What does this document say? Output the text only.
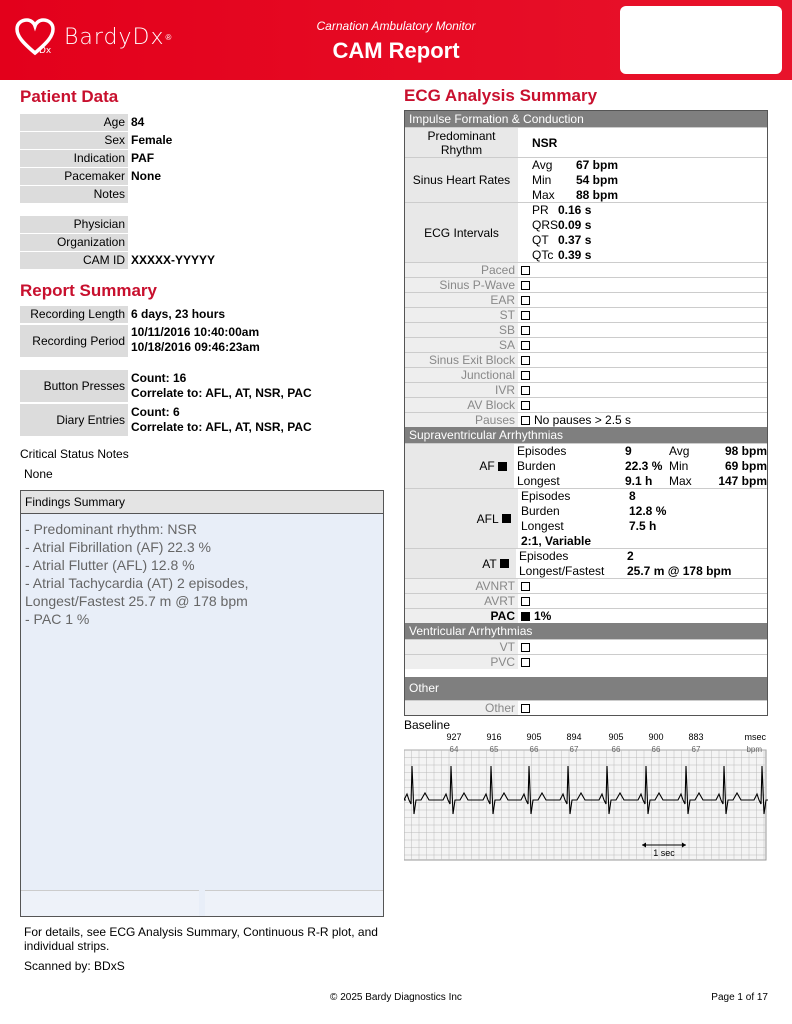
Dx
BardyDx ®
Carnation Ambulatory Monitor
CAM Report
Patient Data
Age 84
Sex Female
Indication PAF
Pacemaker None
Notes
Physician
Organization
CAM ID XXXXX-YYYYY
Report Summary
Recording Length 6 days, 23 hours
Recording Period
10/11/2016 10:40:00am
10/18/2016 09:46:23am
Button Presses
Count: 16
Correlate to: AFL, AT, NSR, PAC
Diary Entries
Count: 6
Correlate to: AFL, AT, NSR, PAC
Critical Status Notes
None
Findings Summary
- Predominant rhythm: NSR
- Atrial Fibrillation (AF) 22.3 %
- Atrial Flutter (AFL) 12.8 %
- Atrial Tachycardia (AT) 2 episodes,
Longest/Fastest 25.7 m @ 178 bpm
- PAC 1 %
For details, see ECG Analysis Summary, Continuous R-R plot, and individual strips.
Scanned by: BDxS
ECG Analysis Summary
Impulse Formation & Conduction
Predominant Rhythm	NSR
Sinus Heart Rates
Avg	67 bpm
Min	54 bpm
Max	88 bpm
ECG Intervals
PR 0.16 s
QRS 0.09 s
QT 0.37 s
QTc 0.39 s
Paced
Sinus P-Wave
EAR
ST
SB
SA
Sinus Exit Block
Junctional
IVR
AV Block
Pauses	No pauses > 2.5 s
Supraventricular Arrhythmias
AF

Episodes	9	Avg	98 bpm
Burden	22.3 % Min	69 bpm
Longest	9.1 h	Max	147 bpm
AFL

Episodes	8
Burden	12.8 %
Longest	7.5 h
2:1, Variable
AT

Episodes	2
Longest/Fastest	25.7 m @ 178 bpm
AVNRT
AVRT
PAC	1%
Ventricular Arrhythmias
VT
PVC
Other
Other
Baseline
927
64
916
65
905
66
894
67
905
66
900
66
883
67
msec
bpm
1 sec
© 2025 Bardy Diagnostics Inc	Page 1 of 17
